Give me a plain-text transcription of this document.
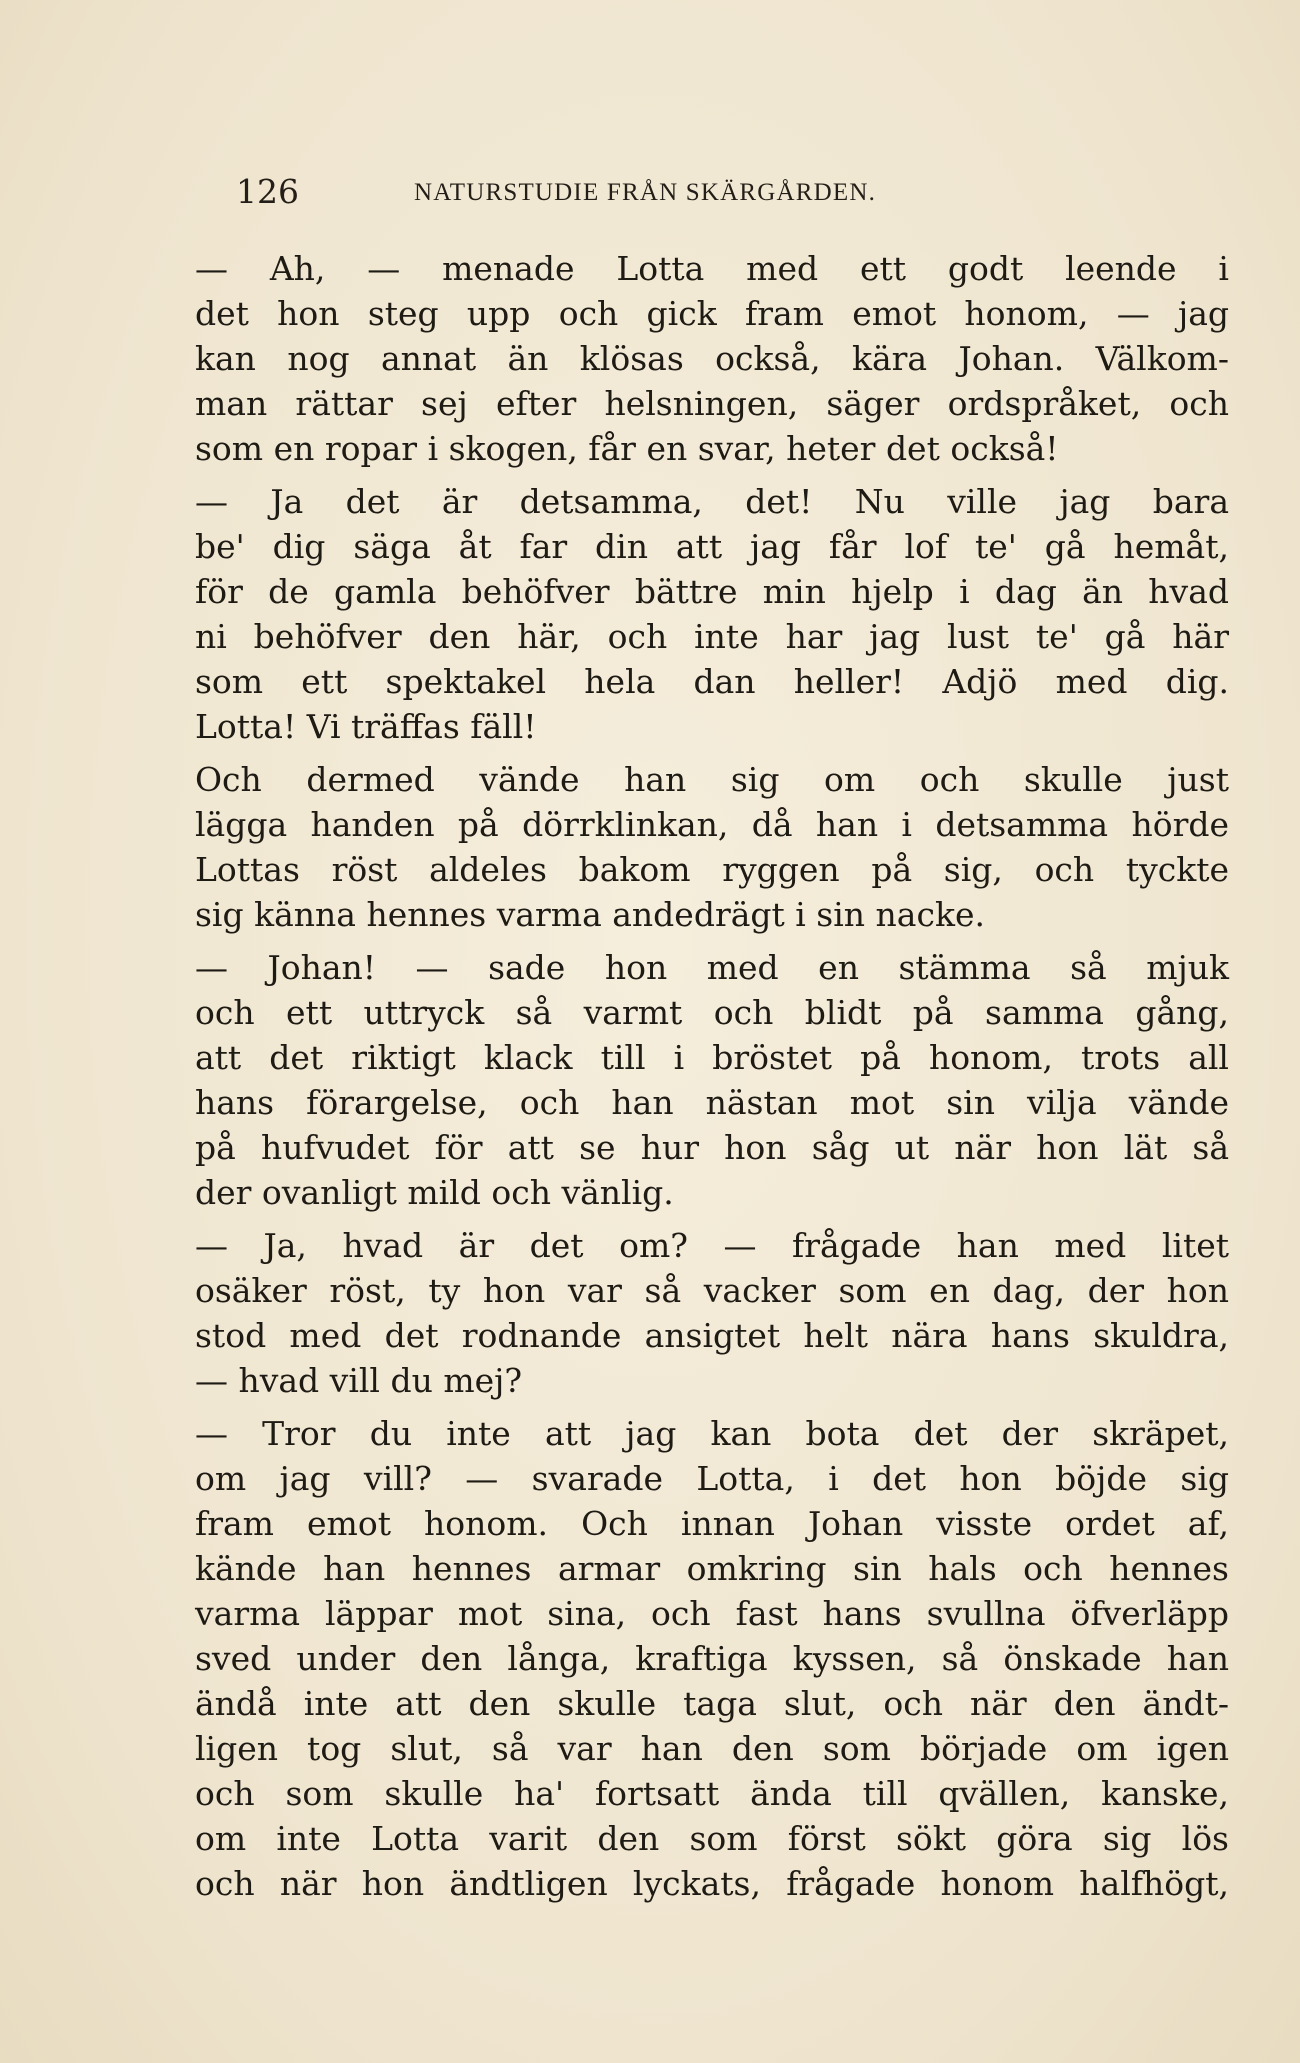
126	NATURSTUDIE FRÅN SKÄRGÅRDEN.
— Ah, — menade Lotta med ett godt leende i
det hon steg upp och gick fram emot honom, — jag
kan nog annat än klösas också, kära Johan. Välkom-
man rättar sej efter helsningen, säger ordspråket, och
som en ropar i skogen, får en svar, heter det också!
— Ja det är detsamma, det! Nu ville jag bara
be' dig säga åt far din att jag får lof te' gå hemåt,
för de gamla behöfver bättre min hjelp i dag än hvad
ni behöfver den här, och inte har jag lust te' gå här
som ett spektakel hela dan heller! Adjö med dig.
Lotta! Vi träffas fäll!
Och dermed vände han sig om och skulle just
lägga handen på dörrklinkan, då han i detsamma hörde
Lottas röst aldeles bakom ryggen på sig, och tyckte
sig känna hennes varma andedrägt i sin nacke.
— Johan! — sade hon med en stämma så mjuk
och ett uttryck så varmt och blidt på samma gång,
att det riktigt klack till i bröstet på honom, trots all
hans förargelse, och han nästan mot sin vilja vände
på hufvudet för att se hur hon såg ut när hon lät så
der ovanligt mild och vänlig.
— Ja, hvad är det om? — frågade han med litet
osäker röst, ty hon var så vacker som en dag, der hon
stod med det rodnande ansigtet helt nära hans skuldra,
— hvad vill du mej?
— Tror du inte att jag kan bota det der skräpet,
om jag vill? — svarade Lotta, i det hon böjde sig
fram emot honom. Och innan Johan visste ordet af,
kände han hennes armar omkring sin hals och hennes
varma läppar mot sina, och fast hans svullna öfverläpp
sved under den långa, kraftiga kyssen, så önskade han
ändå inte att den skulle taga slut, och när den ändt-
ligen tog slut, så var han den som började om igen
och som skulle ha' fortsatt ända till qvällen, kanske,
om inte Lotta varit den som först sökt göra sig lös
och när hon ändtligen lyckats, frågade honom halfhögt,
